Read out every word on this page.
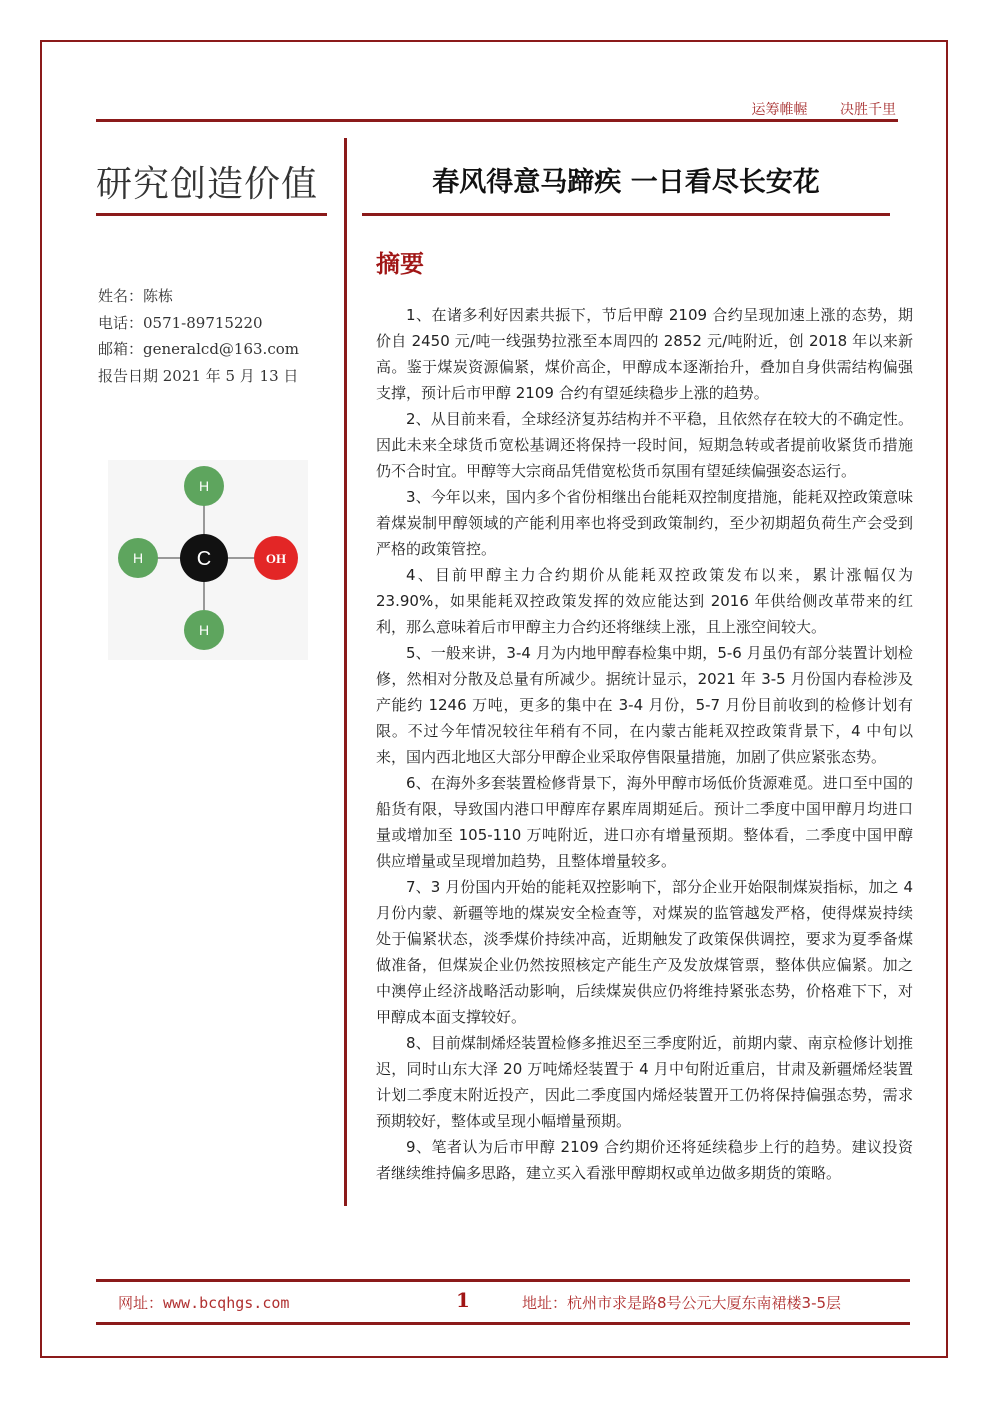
运筹帷幄 决胜千里
研究创造价值	春风得意马蹄疾 一日看尽长安花
姓名：陈栋
电话：0571-89715220
邮箱：generalcd@163.com
报告日期 2021 年 5 月 13 日
H
H
H
C	OH
摘要

1、在诸多利好因素共振下，节后甲醇 2109 合约呈现加速上涨的态势，期价自 2450 元/吨一线强势拉涨至本周四的 2852 元/吨附近，创 2018 年以来新高。鉴于煤炭资源偏紧，煤价高企，甲醇成本逐渐抬升，叠加自身供需结构偏强支撑，预计后市甲醇 2109 合约有望延续稳步上涨的趋势。

2、从目前来看，全球经济复苏结构并不平稳，且依然存在较大的不确定性。因此未来全球货币宽松基调还将保持一段时间，短期急转或者提前收紧货币措施仍不合时宜。甲醇等大宗商品凭借宽松货币氛围有望延续偏强姿态运行。

3、今年以来，国内多个省份相继出台能耗双控制度措施，能耗双控政策意味着煤炭制甲醇领域的产能利用率也将受到政策制约，至少初期超负荷生产会受到严格的政策管控。

4、目前甲醇主力合约期价从能耗双控政策发布以来，累计涨幅仅为 23.90%，如果能耗双控政策发挥的效应能达到 2016 年供给侧改革带来的红利，那么意味着后市甲醇主力合约还将继续上涨，且上涨空间较大。

5、一般来讲，3-4 月为内地甲醇春检集中期，5-6 月虽仍有部分装置计划检修，然相对分散及总量有所减少。据统计显示，2021 年 3-5 月份国内春检涉及产能约 1246 万吨，更多的集中在 3-4 月份，5-7 月份目前收到的检修计划有限。不过今年情况较往年稍有不同，在内蒙古能耗双控政策背景下，4 中旬以来，国内西北地区大部分甲醇企业采取停售限量措施，加剧了供应紧张态势。

6、在海外多套装置检修背景下，海外甲醇市场低价货源难觅。进口至中国的船货有限，导致国内港口甲醇库存累库周期延后。预计二季度中国甲醇月均进口量或增加至 105-110 万吨附近，进口亦有增量预期。整体看，二季度中国甲醇供应增量或呈现增加趋势，且整体增量较多。

7、3 月份国内开始的能耗双控影响下，部分企业开始限制煤炭指标，加之 4 月份内蒙、新疆等地的煤炭安全检查等，对煤炭的监管越发严格，使得煤炭持续处于偏紧状态，淡季煤价持续冲高，近期触发了政策保供调控，要求为夏季备煤做准备，但煤炭企业仍然按照核定产能生产及发放煤管票，整体供应偏紧。加之中澳停止经济战略活动影响，后续煤炭供应仍将维持紧张态势，价格难下下，对甲醇成本面支撑较好。

8、目前煤制烯烃装置检修多推迟至三季度附近，前期内蒙、南京检修计划推迟，同时山东大泽 20 万吨烯烃装置于 4 月中旬附近重启，甘肃及新疆烯烃装置计划二季度末附近投产，因此二季度国内烯烃装置开工仍将保持偏强态势，需求预期较好，整体或呈现小幅增量预期。

9、笔者认为后市甲醇 2109 合约期价还将延续稳步上行的趋势。建议投资者继续维持偏多思路，建立买入看涨甲醇期权或单边做多期货的策略。

网址：www.bcqhgs.com	1	地址：杭州市求是路8号公元大厦东南裙楼3-5层
